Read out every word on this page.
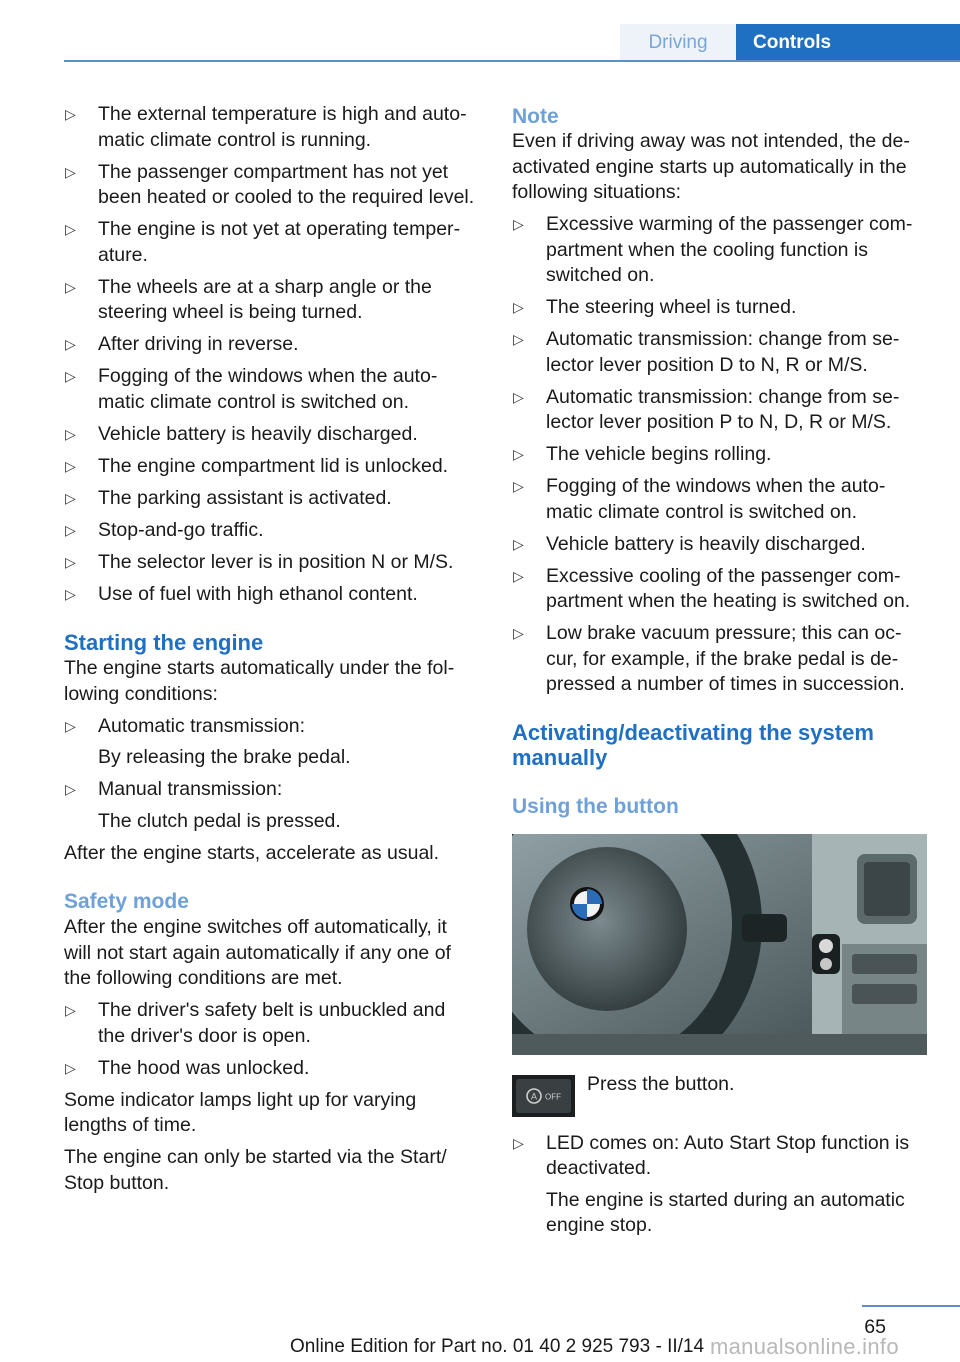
Driving	Controls
▷ The external temperature is high and automatic climate control is running.
▷ The passenger compartment has not yet been heated or cooled to the required level.
▷ The engine is not yet at operating temperature.
▷ The wheels are at a sharp angle or the steering wheel is being turned.
▷ After driving in reverse.
▷ Fogging of the windows when the automatic climate control is switched on.
▷ Vehicle battery is heavily discharged.
▷ The engine compartment lid is unlocked.
▷ The parking assistant is activated.
▷ Stop-and-go traffic.
▷ The selector lever is in position N or M/S.
▷ Use of fuel with high ethanol content.
Starting the engine

The engine starts automatically under the following conditions:

▷ Automatic transmission:
By releasing the brake pedal.
▷ Manual transmission:
The clutch pedal is pressed.

After the engine starts, accelerate as usual.

Safety mode

After the engine switches off automatically, it will not start again automatically if any one of the following conditions are met.

▷ The driver's safety belt is unbuckled and the driver's door is open.
▷ The hood was unlocked.

Some indicator lamps light up for varying lengths of time.

The engine can only be started via the Start/ Stop button.

Note

Even if driving away was not intended, the deactivated engine starts up automatically in the following situations:

▷ Excessive warming of the passenger compartment when the cooling function is switched on.
▷ The steering wheel is turned.
▷ Automatic transmission: change from selector lever position D to N, R or M/S.
▷ Automatic transmission: change from selector lever position P to N, D, R or M/S.
▷ The vehicle begins rolling.
▷ Fogging of the windows when the automatic climate control is switched on.
▷ Vehicle battery is heavily discharged.
▷ Excessive cooling of the passenger compartment when the heating is switched on.
▷ Low brake vacuum pressure; this can occur, for example, if the brake pedal is depressed a number of times in succession.
Activating/deactivating the system manually
Using the button
A OFF
Press the button.
▷ LED comes on: Auto Start Stop function is deactivated.
The engine is started during an automatic engine stop.
65
Online Edition for Part no. 01 40 2 925 793 - II/14 manualsonline.info
